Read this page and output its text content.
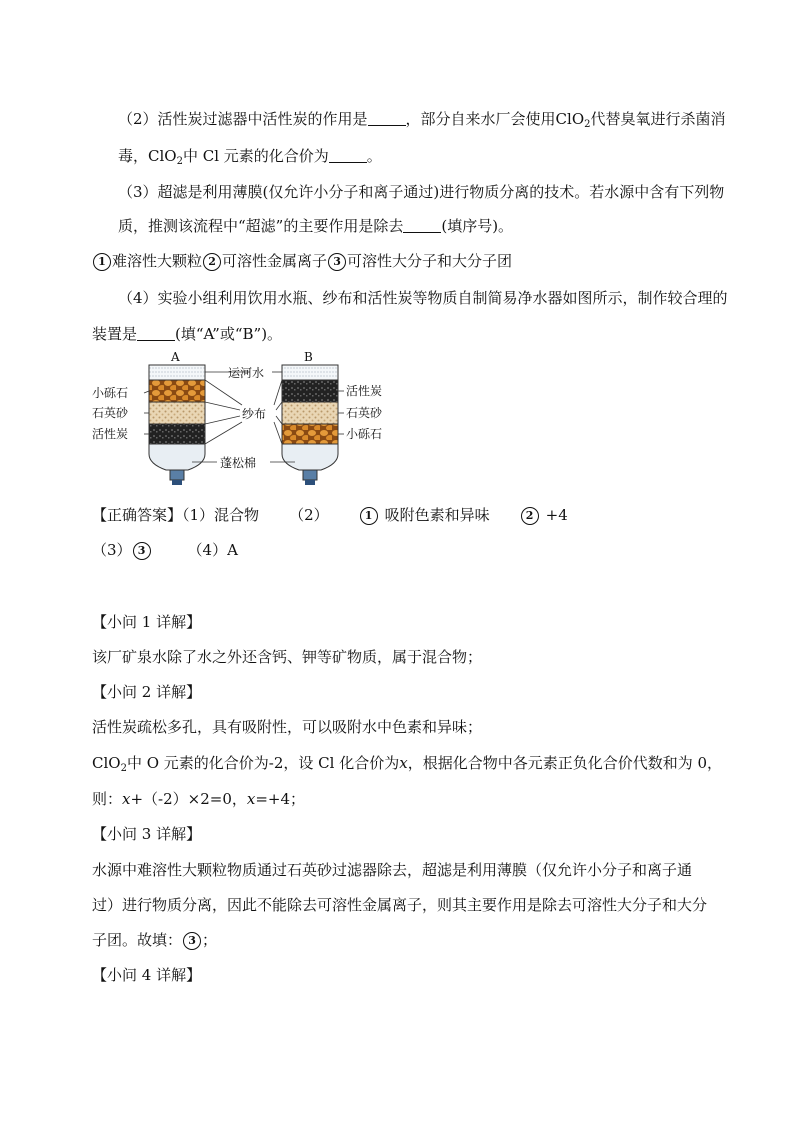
（2）活性炭过滤器中活性炭的作用是	，部分自来水厂会使用ClO$_2$代替臭氧进行杀菌消
毒，ClO$_2$中 Cl 元素的化合价为	。
（3）超滤是利用薄膜(仅允许小分子和离子通过)进行物质分离的技术。若水源中含有下列物
质，推测该流程中“超滤”的主要作用是除去	(填序号)。
1 难溶性大颗粒 2 可溶性金属离子 3 可溶性大分子和大分子团
（4）实验小组利用饮用水瓶、纱布和活性炭等物质自制简易净水器如图所示，制作较合理的
装置是	(填“A”或“B”)。
A	B
小砾石
石英砂
活性炭
活性炭
石英砂
小砾石
运河水
纱布
蓬松棉
【正确答案】（1）混合物 （2）	1 吸附色素和异味	2 +4
（3） 3	（4）A
【小问 1 详解】
该厂矿泉水除了水之外还含钙、钾等矿物质，属于混合物；
【小问 2 详解】
活性炭疏松多孔，具有吸附性，可以吸附水中色素和异味；
ClO$_2$中 O 元素的化合价为-2，设 Cl 化合价为x，根据化合物中各元素正负化合价代数和为 0，
则：x+（-2）×2=0，x=+4；
【小问 3 详解】
水源中难溶性大颗粒物质通过石英砂过滤器除去，超滤是利用薄膜（仅允许小分子和离子通
过）进行物质分离，因此不能除去可溶性金属离子，则其主要作用是除去可溶性大分子和大分
子团。故填： 3 ；
【小问 4 详解】
